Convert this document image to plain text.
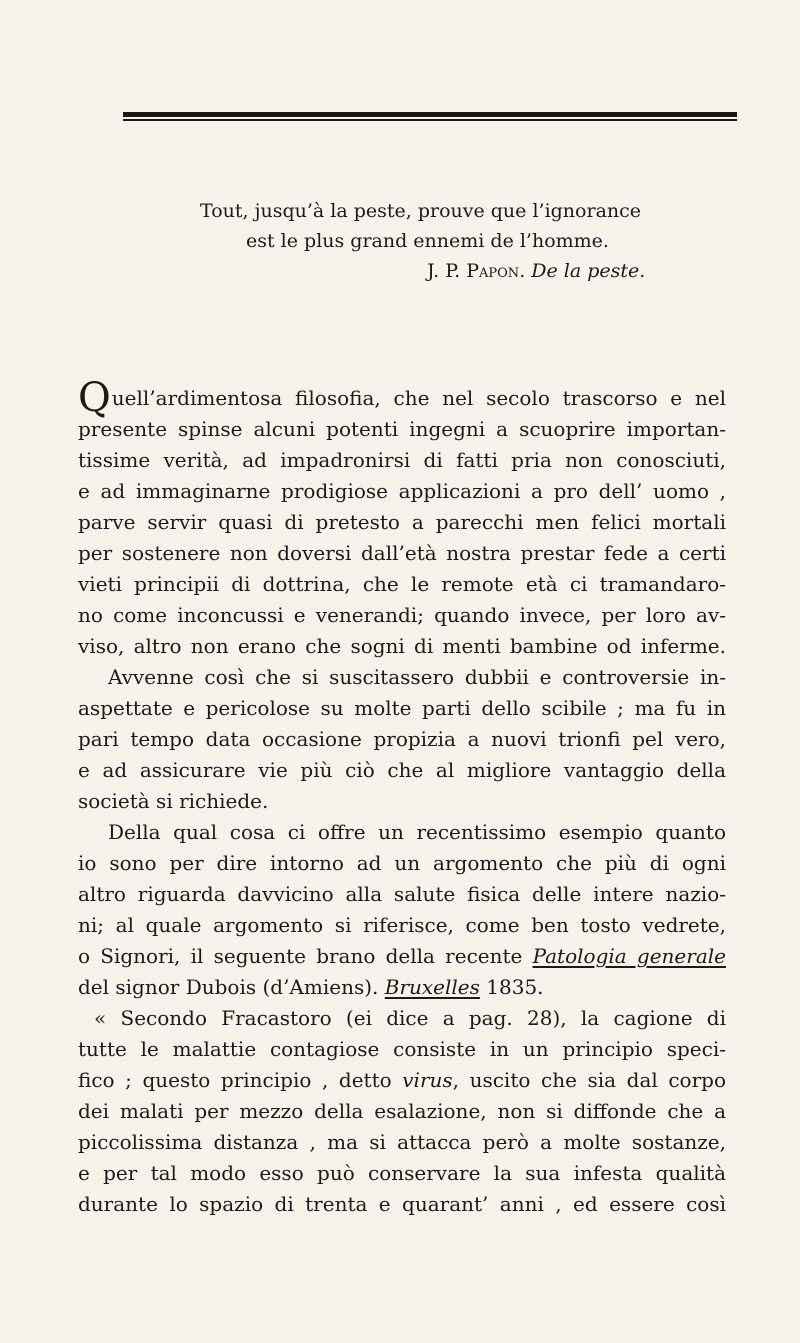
Tout, jusqu’à la peste, prouve que l’ignorance
est le plus grand ennemi de l’homme.
J. P. Papon. De la peste.
Quell’ardimentosa filosofia, che nel secolo trascorso e nel
presente spinse alcuni potenti ingegni a scuoprire importan-
tissime verità, ad impadronirsi di fatti pria non conosciuti,
e ad immaginarne prodigiose applicazioni a pro dell’ uomo ,
parve servir quasi di pretesto a parecchi men felici mortali
per sostenere non doversi dall’età nostra prestar fede a certi
vieti principii di dottrina, che le remote età ci tramandaro-
no come inconcussi e venerandi; quando invece, per loro av-
viso, altro non erano che sogni di menti bambine od inferme.
Avvenne così che si suscitassero dubbii e controversie in-
aspettate e pericolose su molte parti dello scibile ; ma fu in
pari tempo data occasione propizia a nuovi trionfi pel vero,
e ad assicurare vie più ciò che al migliore vantaggio della
società si richiede.
Della qual cosa ci offre un recentissimo esempio quanto
io sono per dire intorno ad un argomento che più di ogni
altro riguarda davvicino alla salute fisica delle intere nazio-
ni; al quale argomento si riferisce, come ben tosto vedrete,
o Signori, il seguente brano della recente Patologia generale
del signor Dubois (d’Amiens). Bruxelles 1835.
« Secondo Fracastoro (ei dice a pag. 28), la cagione di
tutte le malattie contagiose consiste in un principio speci-
fico ; questo principio , detto virus, uscito che sia dal corpo
dei malati per mezzo della esalazione, non si diffonde che a
piccolissima distanza , ma si attacca però a molte sostanze,
e per tal modo esso può conservare la sua infesta qualità
durante lo spazio di trenta e quarant’ anni , ed essere così
